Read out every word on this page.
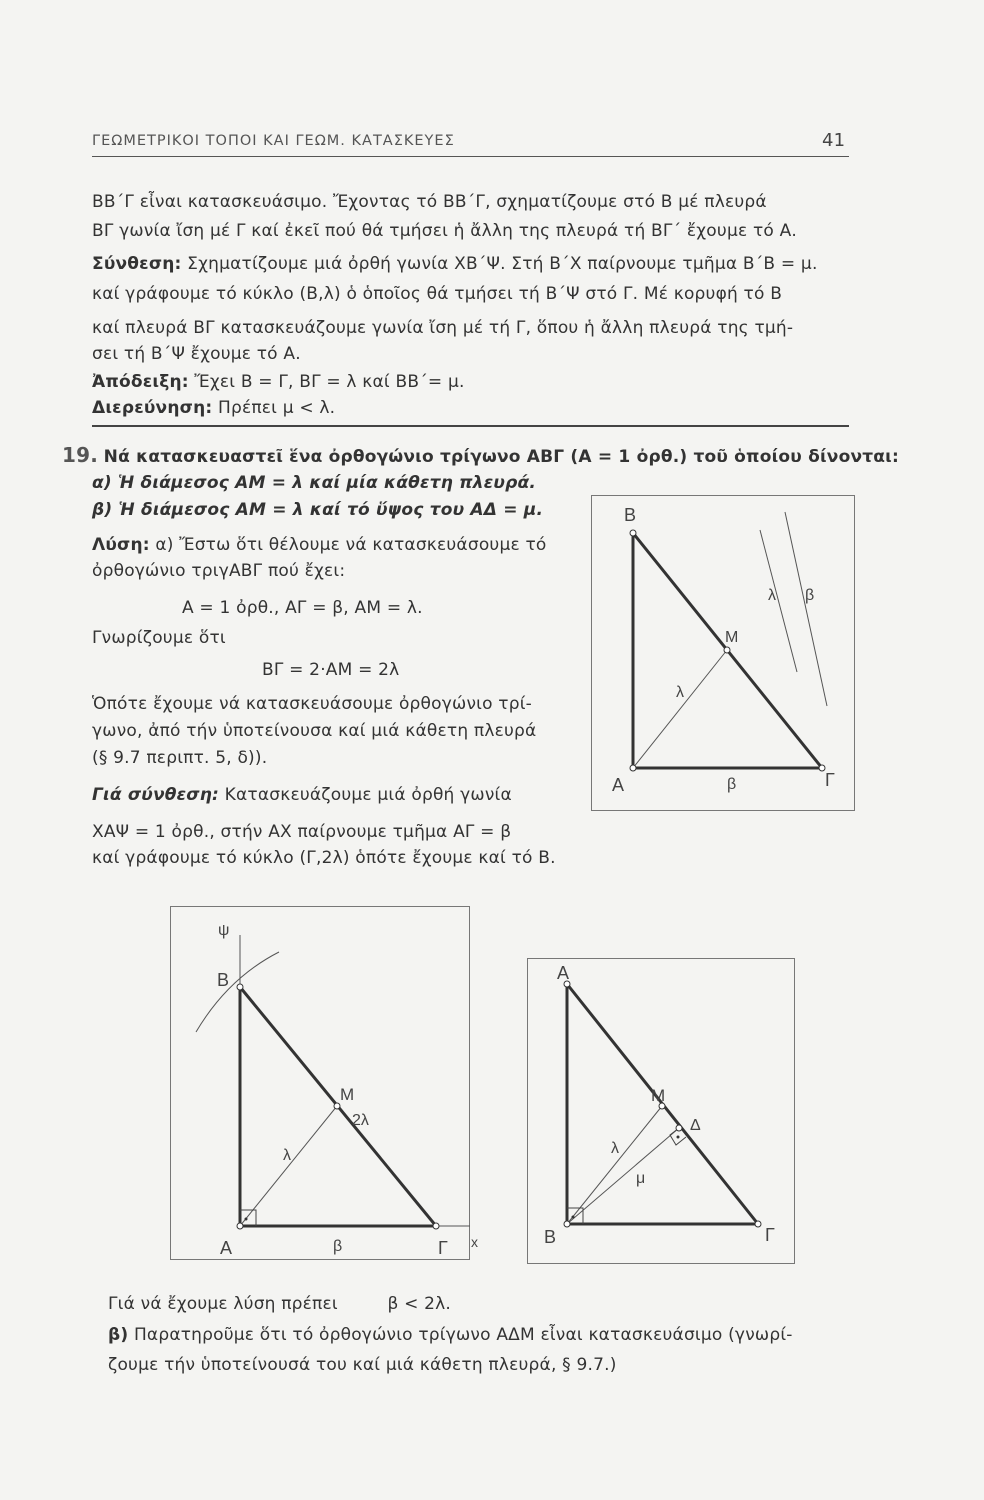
ΓΕΩΜΕΤΡΙΚΟΙ ΤΟΠΟΙ ΚΑΙ ΓΕΩΜ. ΚΑΤΑΣΚΕΥΕΣ	41
ΒΒ΄Γ εἶναι κατασκευάσιμο. Ἔχοντας τό ΒΒ΄Γ, σχηματίζουμε στό Β μέ πλευρά
ΒΓ γωνία ἴση μέ Γ καί ἐκεῖ πού θά τμήσει ἡ ἄλλη της πλευρά τή ΒΓ΄ ἔχουμε τό Α.
Σύνθεση: Σχηματίζουμε μιά ὀρθή γωνία ΧΒ΄Ψ. Στή Β΄Χ παίρνουμε τμῆμα Β΄Β = μ.
καί γράφουμε τό κύκλο (Β,λ) ὁ ὁποῖος θά τμήσει τή Β΄Ψ στό Γ. Μέ κορυφή τό Β
καί πλευρά ΒΓ κατασκευάζουμε γωνία ἴση μέ τή Γ, ὅπου ἡ ἄλλη πλευρά της τμή-
σει τή Β΄Ψ ἔχουμε τό Α.
Ἀπόδειξη: Ἔχει Β = Γ, ΒΓ = λ καί ΒΒ΄= μ.
Διερεύνηση: Πρέπει μ < λ.
19. Νά κατασκευαστεῖ ἕνα ὀρθογώνιο τρίγωνο ΑΒΓ (Α = 1 ὀρθ.) τοῦ ὁποίου δίνονται:
α) Ἡ διάμεσος ΑΜ = λ καί μία κάθετη πλευρά.
β) Ἡ διάμεσος ΑΜ = λ καί τό ὕψος του ΑΔ = μ.
Λύση: α) Ἔστω ὅτι θέλουμε νά κατασκευάσουμε τό
ὀρθογώνιο τριγΑΒΓ πού ἔχει:
Α = 1 ὀρθ., ΑΓ = β, ΑΜ = λ.
Γνωρίζουμε ὅτι
ΒΓ = 2·ΑΜ = 2λ
Ὁπότε ἔχουμε νά κατασκευάσουμε ὀρθογώνιο τρί-
γωνο, ἀπό τήν ὑποτείνουσα καί μιά κάθετη πλευρά
(§ 9.7 περιπτ. 5, δ)).
Γιά σύνθεση: Κατασκευάζουμε μιά ὀρθή γωνία
ΧΑΨ = 1 ὀρθ., στήν ΑΧ παίρνουμε τμῆμα ΑΓ = β
καί γράφουμε τό κύκλο (Γ,2λ) ὁπότε ἔχουμε καί τό Β.
B
M
A	Γ
λ
β
λ β
ψ
B
M
2λ
λ
A	β	Γ x
A
M
Δ
λ
μ
B	Γ
Γιά νά ἔχουμε λύση πρέπει	β < 2λ.
β) Παρατηροῦμε ὅτι τό ὀρθογώνιο τρίγωνο ΑΔΜ εἶναι κατασκευάσιμο (γνωρί-
ζουμε τήν ὑποτείνουσά του καί μιά κάθετη πλευρά, § 9.7.)
